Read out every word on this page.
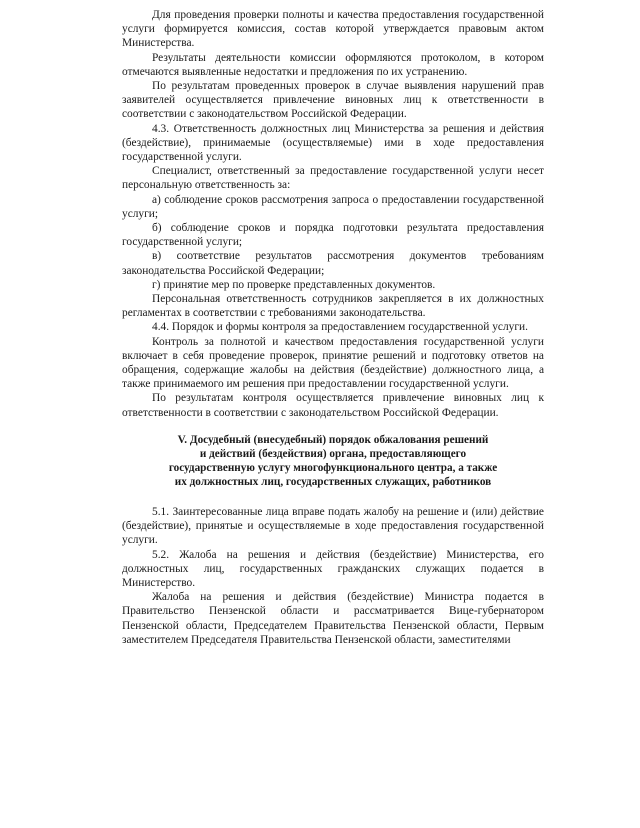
Для проведения проверки полноты и качества предоставления государственной услуги формируется комиссия, состав которой утверждается правовым актом Министерства.

Результаты деятельности комиссии оформляются протоколом, в котором отмечаются выявленные недостатки и предложения по их устранению.

По результатам проведенных проверок в случае выявления нарушений прав заявителей осуществляется привлечение виновных лиц к ответственности в соответствии с законодательством Российской Федерации.

4.3. Ответственность должностных лиц Министерства за решения и действия (бездействие), принимаемые (осуществляемые) ими в ходе предоставления государственной услуги.

Специалист, ответственный за предоставление государственной услуги несет персональную ответственность за:

а) соблюдение сроков рассмотрения запроса о предоставлении государственной услуги;

б) соблюдение сроков и порядка подготовки результата предоставления государственной услуги;

в) соответствие результатов рассмотрения документов требованиям законодательства Российской Федерации;

г) принятие мер по проверке представленных документов.

Персональная ответственность сотрудников закрепляется в их должностных регламентах в соответствии с требованиями законодательства.

4.4. Порядок и формы контроля за предоставлением государственной услуги.

Контроль за полнотой и качеством предоставления государственной услуги включает в себя проведение проверок, принятие решений и подготовку ответов на обращения, содержащие жалобы на действия (бездействие) должностного лица, а также принимаемого им решения при предоставлении государственной услуги.

По результатам контроля осуществляется привлечение виновных лиц к ответственности в соответствии с законодательством Российской Федерации.

V. Досудебный (внесудебный) порядок обжалования решений
и действий (бездействия) органа, предоставляющего
государственную услугу многофункционального центра, а также
их должностных лиц, государственных служащих, работников

5.1. Заинтересованные лица вправе подать жалобу на решение и (или) действие (бездействие), принятые и осуществляемые в ходе предоставления государственной услуги.

5.2. Жалоба на решения и действия (бездействие) Министерства, его должностных лиц, государственных гражданских служащих подается в Министерство.

Жалоба на решения и действия (бездействие) Министра подается в Правительство Пензенской области и рассматривается Вице-губернатором Пензенской области, Председателем Правительства Пензенской области, Первым заместителем Председателя Правительства Пензенской области, заместителями
